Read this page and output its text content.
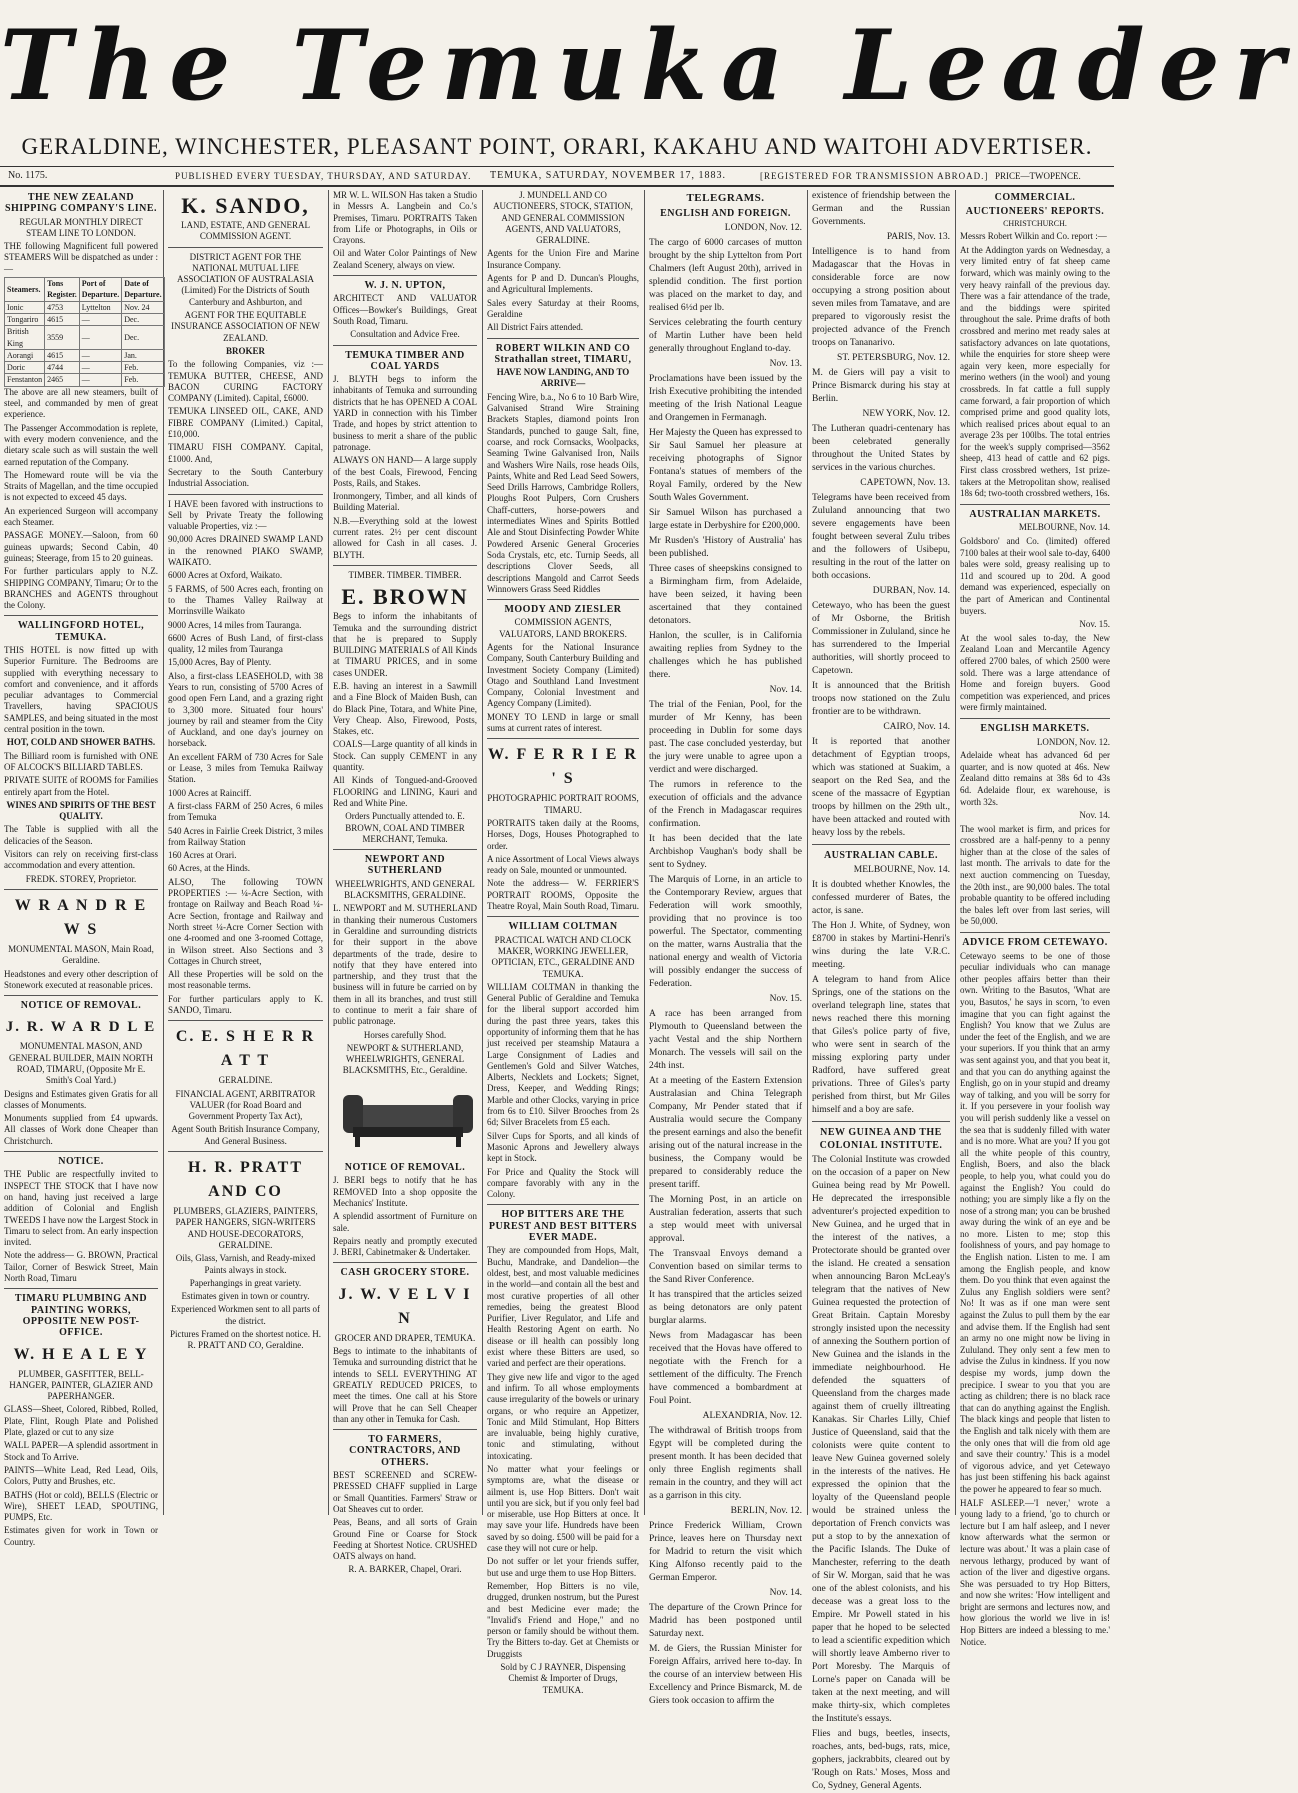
The Temuka Leader
GERALDINE, WINCHESTER, PLEASANT POINT, ORARI, KAKAHU AND WAITOHI ADVERTISER.
No. 1175.	PUBLISHED EVERY TUESDAY, THURSDAY, AND SATURDAY. TEMUKA, SATURDAY, NOVEMBER 17, 1883.	[REGISTERED FOR TRANSMISSION ABROAD.] PRICE—TWOPENCE.
THE NEW ZEALAND SHIPPING COMPANY'S LINE.

REGULAR MONTHLY DIRECT STEAM LINE TO LONDON.

THE following Magnificent full powered STEAMERS Will be dispatched as under :—

Steamers.	Tons Register.	Port of Departure.	Date of Departure.
Ionic	4753	Lyttelton	Nov. 24
Tongariro	4615	—	Dec.
British King	3559	—	Dec.
Aorangi	4615	—	Jan.
Doric	4744	—	Feb.
Fenstanton	2465	—	Feb.

The above are all new steamers, built of steel, and commanded by men of great experience.

The Passenger Accommodation is replete, with every modern convenience, and the dietary scale such as will sustain the well earned reputation of the Company.

The Homeward route will be via the Straits of Magellan, and the time occupied is not expected to exceed 45 days.

An experienced Surgeon will accompany each Steamer.

PASSAGE MONEY.—Saloon, from 60 guineas upwards; Second Cabin, 40 guineas; Steerage, from 15 to 20 guineas.

For further particulars apply to N.Z. SHIPPING COMPANY, Timaru; Or to the BRANCHES and AGENTS throughout the Colony.

WALLINGFORD HOTEL, TEMUKA.

THIS HOTEL is now fitted up with Superior Furniture. The Bedrooms are supplied with everything necessary to comfort and convenience, and it affords peculiar advantages to Commercial Travellers, having SPACIOUS SAMPLES, and being situated in the most central position in the town.

HOT, COLD AND SHOWER BATHS.

The Billiard room is furnished with ONE OF ALCOCK'S BILLIARD TABLES.

PRIVATE SUITE of ROOMS for Families entirely apart from the Hotel.

WINES AND SPIRITS OF THE BEST QUALITY.

The Table is supplied with all the delicacies of the Season.

Visitors can rely on receiving first-class accommodation and every attention.

FREDK. STOREY, Proprietor.

W R A N D R E W S

MONUMENTAL MASON, Main Road, Geraldine.

Headstones and every other description of Stonework executed at reasonable prices.

NOTICE OF REMOVAL.
J. R. W A R D L E

MONUMENTAL MASON, AND GENERAL BUILDER, MAIN NORTH ROAD, TIMARU, (Opposite Mr E. Smith's Coal Yard.)

Designs and Estimates given Gratis for all classes of Monuments.

Monuments supplied from £4 upwards. All classes of Work done Cheaper than Christchurch.

NOTICE.

THE Public are respectfully invited to INSPECT THE STOCK that I have now on hand, having just received a large addition of Colonial and English TWEEDS I have now the Largest Stock in Timaru to select from. An early inspection invited.

Note the address— G. BROWN, Practical Tailor, Corner of Beswick Street, Main North Road, Timaru

TIMARU PLUMBING AND PAINTING WORKS, OPPOSITE NEW POST-OFFICE.
W. H E A L E Y

PLUMBER, GASFITTER, BELL-HANGER, PAINTER, GLAZIER AND PAPERHANGER.

GLASS—Sheet, Colored, Ribbed, Rolled, Plate, Flint, Rough Plate and Polished Plate, glazed or cut to any size

WALL PAPER—A splendid assortment in Stock and To Arrive.

PAINTS—White Lead, Red Lead, Oils, Colors, Putty and Brushes, etc.

BATHS (Hot or cold), BELLS (Electric or Wire), SHEET LEAD, SPOUTING, PUMPS, Etc.

Estimates given for work in Town or Country.

K. SANDO,

LAND, ESTATE, AND GENERAL COMMISSION AGENT.

DISTRICT AGENT FOR THE NATIONAL MUTUAL LIFE ASSOCIATION OF AUSTRALASIA (Limited) For the Districts of South Canterbury and Ashburton, and

AGENT FOR THE EQUITABLE INSURANCE ASSOCIATION OF NEW ZEALAND.

BROKER

To the following Companies, viz :— TEMUKA BUTTER, CHEESE, AND BACON CURING FACTORY COMPANY (Limited). Capital, £6000.

TEMUKA LINSEED OIL, CAKE, AND FIBRE COMPANY (Limited.) Capital, £10,000.

TIMARU FISH COMPANY. Capital, £1000. And,

Secretary to the South Canterbury Industrial Association.

I HAVE been favored with instructions to Sell by Private Treaty the following valuable Properties, viz :—

90,000 Acres DRAINED SWAMP LAND in the renowned PIAKO SWAMP, WAIKATO.

6000 Acres at Oxford, Waikato.

5 FARMS, of 500 Acres each, fronting on to the Thames Valley Railway at Morrinsville Waikato

9000 Acres, 14 miles from Tauranga.

6600 Acres of Bush Land, of first-class quality, 12 miles from Tauranga

15,000 Acres, Bay of Plenty.

Also, a first-class LEASEHOLD, with 38 Years to run, consisting of 5700 Acres of good open Fern Land, and a grazing right to 3,300 more. Situated four hours' journey by rail and steamer from the City of Auckland, and one day's journey on horseback.

An excellent FARM of 730 Acres for Sale or Lease, 3 miles from Temuka Railway Station.

1000 Acres at Rainciff.

A first-class FARM of 250 Acres, 6 miles from Temuka

540 Acres in Fairlie Creek District, 3 miles from Railway Station

160 Acres at Orari.

60 Acres, at the Hinds.

ALSO, The following TOWN PROPERTIES :— ¼-Acre Section, with frontage on Railway and Beach Road ¼-Acre Section, frontage and Railway and North street ¼-Acre Corner Section with one 4-roomed and one 3-roomed Cottage, in Wilson street. Also Sections and 3 Cottages in Church street,

All these Properties will be sold on the most reasonable terms.

For further particulars apply to K. SANDO, Timaru.

C. E. S H E R R A T T

GERALDINE.

FINANCIAL AGENT, ARBITRATOR VALUER (for Road Board and Government Property Tax Act),

Agent South British Insurance Company, And General Business.

H. R. PRATT AND CO

PLUMBERS, GLAZIERS, PAINTERS, PAPER HANGERS, SIGN-WRITERS AND HOUSE-DECORATORS, GERALDINE.

Oils, Glass, Varnish, and Ready-mixed Paints always in stock.

Paperhangings in great variety.

Estimates given in town or country.

Experienced Workmen sent to all parts of the district.

Pictures Framed on the shortest notice. H. R. PRATT AND CO, Geraldine.

MR W. L. WILSON Has taken a Studio in Messrs A. Langbein and Co.'s Premises, Timaru. PORTRAITS Taken from Life or Photographs, in Oils or Crayons.

Oil and Water Color Paintings of New Zealand Scenery, always on view.

W. J. N. UPTON,

ARCHITECT AND VALUATOR Offices—Bowker's Buildings, Great South Road, Timaru.

Consultation and Advice Free.

TEMUKA TIMBER AND COAL YARDS

J. BLYTH begs to inform the inhabitants of Temuka and surrounding districts that he has OPENED A COAL YARD in connection with his Timber Trade, and hopes by strict attention to business to merit a share of the public patronage.

ALWAYS ON HAND— A large supply of the best Coals, Firewood, Fencing Posts, Rails, and Stakes.

Ironmongery, Timber, and all kinds of Building Material.

N.B.—Everything sold at the lowest current rates. 2½ per cent discount allowed for Cash in all cases. J. BLYTH.

TIMBER. TIMBER. TIMBER.

E. BROWN

Begs to inform the inhabitants of Temuka and the surrounding district that he is prepared to Supply BUILDING MATERIALS of All Kinds at TIMARU PRICES, and in some cases UNDER.

E.B. having an interest in a Sawmill and a Fine Block of Maiden Bush, can do Black Pine, Totara, and White Pine, Very Cheap. Also, Firewood, Posts, Stakes, etc.

COALS—Large quantity of all kinds in Stock. Can supply CEMENT in any quantity.

All Kinds of Tongued-and-Grooved FLOORING and LINING, Kauri and Red and White Pine.

Orders Punctually attended to. E. BROWN, COAL AND TIMBER MERCHANT, Temuka.

NEWPORT AND SUTHERLAND

WHEELWRIGHTS, AND GENERAL BLACKSMITHS, GERALDINE.

L. NEWPORT and M. SUTHERLAND in thanking their numerous Customers in Geraldine and surrounding districts for their support in the above departments of the trade, desire to notify that they have entered into partnership, and they trust that the business will in future be carried on by them in all its branches, and trust still to continue to merit a fair share of public patronage.

Horses carefully Shod.

NEWPORT & SUTHERLAND, WHEELWRIGHTS, GENERAL BLACKSMITHS, Etc., Geraldine.

NOTICE OF REMOVAL.

J. BERI begs to notify that he has REMOVED Into a shop opposite the Mechanics' Institute.

A splendid assortment of Furniture on sale.

Repairs neatly and promptly executed J. BERI, Cabinetmaker & Undertaker.

CASH GROCERY STORE.
J. W. V E L V I N

GROCER AND DRAPER, TEMUKA.

Begs to intimate to the inhabitants of Temuka and surrounding district that he intends to SELL EVERYTHING AT GREATLY REDUCED PRICES, to meet the times. One call at his Store will Prove that he can Sell Cheaper than any other in Temuka for Cash.

TO FARMERS, CONTRACTORS, AND OTHERS.

BEST SCREENED and SCREW-PRESSED CHAFF supplied in Large or Small Quantities. Farmers' Straw or Oat Sheaves cut to order.

Peas, Beans, and all sorts of Grain Ground Fine or Coarse for Stock Feeding at Shortest Notice. CRUSHED OATS always on hand.

R. A. BARKER, Chapel, Orari.

J. MUNDELL AND CO AUCTIONEERS, STOCK, STATION, AND GENERAL COMMISSION AGENTS, AND VALUATORS, GERALDINE.

Agents for the Union Fire and Marine Insurance Company.

Agents for P and D. Duncan's Ploughs, and Agricultural Implements.

Sales every Saturday at their Rooms, Geraldine

All District Fairs attended.

ROBERT WILKIN AND CO Strathallan street, TIMARU,

HAVE NOW LANDING, AND TO ARRIVE—

Fencing Wire, b.a., No 6 to 10 Barb Wire, Galvanised Strand Wire Straining Brackets Staples, diamond points Iron Standards, punched to gauge Salt, fine, coarse, and rock Cornsacks, Woolpacks, Seaming Twine Galvanised Iron, Nails and Washers Wire Nails, rose heads Oils, Paints, White and Red Lead Seed Sowers, Seed Drills Harrows, Cambridge Rollers, Ploughs Root Pulpers, Corn Crushers Chaff-cutters, horse-powers and intermediates Wines and Spirits Bottled Ale and Stout Disinfecting Powder White Powdered Arsenic General Groceries Soda Crystals, etc, etc. Turnip Seeds, all descriptions Clover Seeds, all descriptions Mangold and Carrot Seeds Winnowers Grass Seed Riddles

MOODY AND ZIESLER

COMMISSION AGENTS, VALUATORS, LAND BROKERS.

Agents for the National Insurance Company, South Canterbury Building and Investment Society Company (Limited) Otago and Southland Land Investment Company, Colonial Investment and Agency Company (Limited).

MONEY TO LEND in large or small sums at current rates of interest.

W. F E R R I E R ' S

PHOTOGRAPHIC PORTRAIT ROOMS, TIMARU.

PORTRAITS taken daily at the Rooms, Horses, Dogs, Houses Photographed to order.

A nice Assortment of Local Views always ready on Sale, mounted or unmounted.

Note the address— W. FERRIER'S PORTRAIT ROOMS, Opposite the Theatre Royal, Main South Road, Timaru.

WILLIAM COLTMAN

PRACTICAL WATCH AND CLOCK MAKER, WORKING JEWELLER, OPTICIAN, ETC., GERALDINE AND TEMUKA.

WILLIAM COLTMAN in thanking the General Public of Geraldine and Temuka for the liberal support accorded him during the past three years, takes this opportunity of informing them that he has just received per steamship Mataura a Large Consignment of Ladies and Gentlemen's Gold and Silver Watches, Alberts, Necklets and Lockets; Signet, Dress, Keeper, and Wedding Rings; Marble and other Clocks, varying in price from 6s to £10. Silver Brooches from 2s 6d; Silver Bracelets from £5 each.

Silver Cups for Sports, and all kinds of Masonic Aprons and Jewellery always kept in Stock.

For Price and Quality the Stock will compare favorably with any in the Colony.

HOP BITTERS ARE THE PUREST AND BEST BITTERS EVER MADE.

They are compounded from Hops, Malt, Buchu, Mandrake, and Dandelion—the oldest, best, and most valuable medicines in the world—and contain all the best and most curative properties of all other remedies, being the greatest Blood Purifier, Liver Regulator, and Life and Health Restoring Agent on earth. No disease or ill health can possibly long exist where these Bitters are used, so varied and perfect are their operations.

They give new life and vigor to the aged and infirm. To all whose employments cause irregularity of the bowels or urinary organs, or who require an Appetizer, Tonic and Mild Stimulant, Hop Bitters are invaluable, being highly curative, tonic and stimulating, without intoxicating.

No matter what your feelings or symptoms are, what the disease or ailment is, use Hop Bitters. Don't wait until you are sick, but if you only feel bad or miserable, use Hop Bitters at once. It may save your life. Hundreds have been saved by so doing. £500 will be paid for a case they will not cure or help.

Do not suffer or let your friends suffer, but use and urge them to use Hop Bitters.

Remember, Hop Bitters is no vile, drugged, drunken nostrum, but the Purest and best Medicine ever made; the "Invalid's Friend and Hope," and no person or family should be without them. Try the Bitters to-day. Get at Chemists or Druggists

Sold by C J RAYNER, Dispensing Chemist & Importer of Drugs, TEMUKA.

TELEGRAMS.
ENGLISH AND FOREIGN.

LONDON, Nov. 12.

The cargo of 6000 carcases of mutton brought by the ship Lyttelton from Port Chalmers (left August 20th), arrived in splendid condition. The first portion was placed on the market to day, and realised 6½d per lb.

Services celebrating the fourth century of Martin Luther have been held generally throughout England to-day.

Nov. 13.

Proclamations have been issued by the Irish Executive prohibiting the intended meeting of the Irish National League and Orangemen in Fermanagh.

Her Majesty the Queen has expressed to Sir Saul Samuel her pleasure at receiving photographs of Signor Fontana's statues of members of the Royal Family, ordered by the New South Wales Government.

Sir Samuel Wilson has purchased a large estate in Derbyshire for £200,000.

Mr Rusden's 'History of Australia' has been published.

Three cases of sheepskins consigned to a Birmingham firm, from Adelaide, have been seized, it having been ascertained that they contained detonators.

Hanlon, the sculler, is in California awaiting replies from Sydney to the challenges which he has published there.

Nov. 14.

The trial of the Fenian, Pool, for the murder of Mr Kenny, has been proceeding in Dublin for some days past. The case concluded yesterday, but the jury were unable to agree upon a verdict and were discharged.

The rumors in reference to the execution of officials and the advance of the French in Madagascar requires confirmation.

It has been decided that the late Archbishop Vaughan's body shall be sent to Sydney.

The Marquis of Lorne, in an article to the Contemporary Review, argues that Federation will work smoothly, providing that no province is too powerful. The Spectator, commenting on the matter, warns Australia that the national energy and wealth of Victoria will possibly endanger the success of Federation.

Nov. 15.

A race has been arranged from Plymouth to Queensland between the yacht Vestal and the ship Northern Monarch. The vessels will sail on the 24th inst.

At a meeting of the Eastern Extension Australasian and China Telegraph Company, Mr Pender stated that if Australia would secure the Company the present earnings and also the benefit arising out of the natural increase in the business, the Company would be prepared to considerably reduce the present tariff.

The Morning Post, in an article on Australian federation, asserts that such a step would meet with universal approval.

The Transvaal Envoys demand a Convention based on similar terms to the Sand River Conference.

It has transpired that the articles seized as being detonators are only patent burglar alarms.

News from Madagascar has been received that the Hovas have offered to negotiate with the French for a settlement of the difficulty. The French have commenced a bombardment at Foul Point.

ALEXANDRIA, Nov. 12.

The withdrawal of British troops from Egypt will be completed during the present month. It has been decided that only three English regiments shall remain in the country, and they will act as a garrison in this city.

BERLIN, Nov. 12.

Prince Frederick William, Crown Prince, leaves here on Thursday next for Madrid to return the visit which King Alfonso recently paid to the German Emperor.

Nov. 14.

The departure of the Crown Prince for Madrid has been postponed until Saturday next.

M. de Giers, the Russian Minister for Foreign Affairs, arrived here to-day. In the course of an interview between His Excellency and Prince Bismarck, M. de Giers took occasion to affirm the

existence of friendship between the German and the Russian Governments.

PARIS, Nov. 13.

Intelligence is to hand from Madagascar that the Hovas in considerable force are now occupying a strong position about seven miles from Tamatave, and are prepared to vigorously resist the projected advance of the French troops on Tananarivo.

ST. PETERSBURG, Nov. 12.

M. de Giers will pay a visit to Prince Bismarck during his stay at Berlin.

NEW YORK, Nov. 12.

The Lutheran quadri-centenary has been celebrated generally throughout the United States by services in the various churches.

CAPETOWN, Nov. 13.

Telegrams have been received from Zululand announcing that two severe engagements have been fought between several Zulu tribes and the followers of Usibepu, resulting in the rout of the latter on both occasions.

DURBAN, Nov. 14.

Cetewayo, who has been the guest of Mr Osborne, the British Commissioner in Zululand, since he has surrendered to the Imperial authorities, will shortly proceed to Capetown.

It is announced that the British troops now stationed on the Zulu frontier are to be withdrawn.

CAIRO, Nov. 14.

It is reported that another detachment of Egyptian troops, which was stationed at Suakim, a seaport on the Red Sea, and the scene of the massacre of Egyptian troops by hillmen on the 29th ult., have been attacked and routed with heavy loss by the rebels.

AUSTRALIAN CABLE.

MELBOURNE, Nov. 14.

It is doubted whether Knowles, the confessed murderer of Bates, the actor, is sane.

The Hon J. White, of Sydney, won £8700 in stakes by Martini-Henri's wins during the late V.R.C. meeting.

A telegram to hand from Alice Springs, one of the stations on the overland telegraph line, states that news reached there this morning that Giles's police party of five, who were sent in search of the missing exploring party under Radford, have suffered great privations. Three of Giles's party perished from thirst, but Mr Giles himself and a boy are safe.

NEW GUINEA AND THE COLONIAL INSTITUTE.

The Colonial Institute was crowded on the occasion of a paper on New Guinea being read by Mr Powell. He deprecated the irresponsible adventurer's projected expedition to New Guinea, and he urged that in the interest of the natives, a Protectorate should be granted over the island. He created a sensation when announcing Baron McLeay's telegram that the natives of New Guinea requested the protection of Great Britain. Captain Moresby strongly insisted upon the necessity of annexing the Southern portion of New Guinea and the islands in the immediate neighbourhood. He defended the squatters of Queensland from the charges made against them of cruelly illtreating Kanakas. Sir Charles Lilly, Chief Justice of Queensland, said that the colonists were quite content to leave New Guinea governed solely in the interests of the natives. He expressed the opinion that the loyalty of the Queensland people would be strained unless the deportation of French convicts was put a stop to by the annexation of the Pacific Islands. The Duke of Manchester, referring to the death of Sir W. Morgan, said that he was one of the ablest colonists, and his decease was a great loss to the Empire. Mr Powell stated in his paper that he hoped to be selected to lead a scientific expedition which will shortly leave Amberno river to Port Moresby. The Marquis of Lorne's paper on Canada will be taken at the next meeting, and will make thirty-six, which completes the Institute's essays.

Flies and bugs, beetles, insects, roaches, ants, bed-bugs, rats, mice, gophers, jackrabbits, cleared out by 'Rough on Rats.' Moses, Moss and Co, Sydney, General Agents.

COMMERCIAL.
AUCTIONEERS' REPORTS.

CHRISTCHURCH.

Messrs Robert Wilkin and Co. report :—

At the Addington yards on Wednesday, a very limited entry of fat sheep came forward, which was mainly owing to the very heavy rainfall of the previous day. There was a fair attendance of the trade, and the biddings were spirited throughout the sale. Prime drafts of both crossbred and merino met ready sales at satisfactory advances on late quotations, while the enquiries for store sheep were again very keen, more especially for merino wethers (in the wool) and young crossbreds. In fat cattle a full supply came forward, a fair proportion of which comprised prime and good quality lots, which realised prices about equal to an average 23s per 100lbs. The total entries for the week's supply comprised—3562 sheep, 413 head of cattle and 62 pigs. First class crossbred wethers, 1st prize-takers at the Metropolitan show, realised 18s 6d; two-tooth crossbred wethers, 16s.

AUSTRALIAN MARKETS.

MELBOURNE, Nov. 14.

Goldsboro' and Co. (limited) offered 7100 bales at their wool sale to-day, 6400 bales were sold, greasy realising up to 11d and scoured up to 20d. A good demand was experienced, especially on the part of American and Continental buyers.

Nov. 15.

At the wool sales to-day, the New Zealand Loan and Mercantile Agency offered 2700 bales, of which 2500 were sold. There was a large attendance of Home and foreign buyers. Good competition was experienced, and prices were firmly maintained.

ENGLISH MARKETS.

LONDON, Nov. 12.

Adelaide wheat has advanced 6d per quarter, and is now quoted at 46s. New Zealand ditto remains at 38s 6d to 43s 6d. Adelaide flour, ex warehouse, is worth 32s.

Nov. 14.

The wool market is firm, and prices for crossbred are a half-penny to a penny higher than at the close of the sales of last month. The arrivals to date for the next auction commencing on Tuesday, the 20th inst., are 90,000 bales. The total probable quantity to be offered including the bales left over from last series, will be 50,000.

ADVICE FROM CETEWAYO.

Cetewayo seems to be one of those peculiar individuals who can manage other peoples affairs better than their own. Writing to the Basutos, 'What are you, Basutos,' he says in scorn, 'to even imagine that you can fight against the English? You know that we Zulus are under the feet of the English, and we are your superiors. If you think that an army was sent against you, and that you beat it, and that you can do anything against the English, go on in your stupid and dreamy way of talking, and you will be sorry for it. If you persevere in your foolish way you will perish suddenly like a vessel on the sea that is suddenly filled with water and is no more. What are you? If you got all the white people of this country, English, Boers, and also the black people, to help you, what could you do against the English? You could do nothing; you are simply like a fly on the nose of a strong man; you can be brushed away during the wink of an eye and be no more. Listen to me; stop this foolishness of yours, and pay homage to the English nation. Listen to me. I am among the English people, and know them. Do you think that even against the Zulus any English soldiers were sent? No! It was as if one man were sent against the Zulus to pull them by the ear and advise them. If the English had sent an army no one might now be living in Zululand. They only sent a few men to advise the Zulus in kindness. If you now despise my words, jump down the precipice. I swear to you that you are acting as children; there is no black race that can do anything against the English. The black kings and people that listen to the English and talk nicely with them are the only ones that will die from old age and save their country.' This is a model of vigorous advice, and yet Cetewayo has just been stiffening his back against the power he appeared to fear so much.

HALF ASLEEP.—'I never,' wrote a young lady to a friend, 'go to church or lecture but I am half asleep, and I never know afterwards what the sermon or lecture was about.' It was a plain case of nervous lethargy, produced by want of action of the liver and digestive organs. She was persuaded to try Hop Bitters, and now she writes: 'How intelligent and bright are sermons and lectures now, and how glorious the world we live in is! Hop Bitters are indeed a blessing to me.' Notice.
